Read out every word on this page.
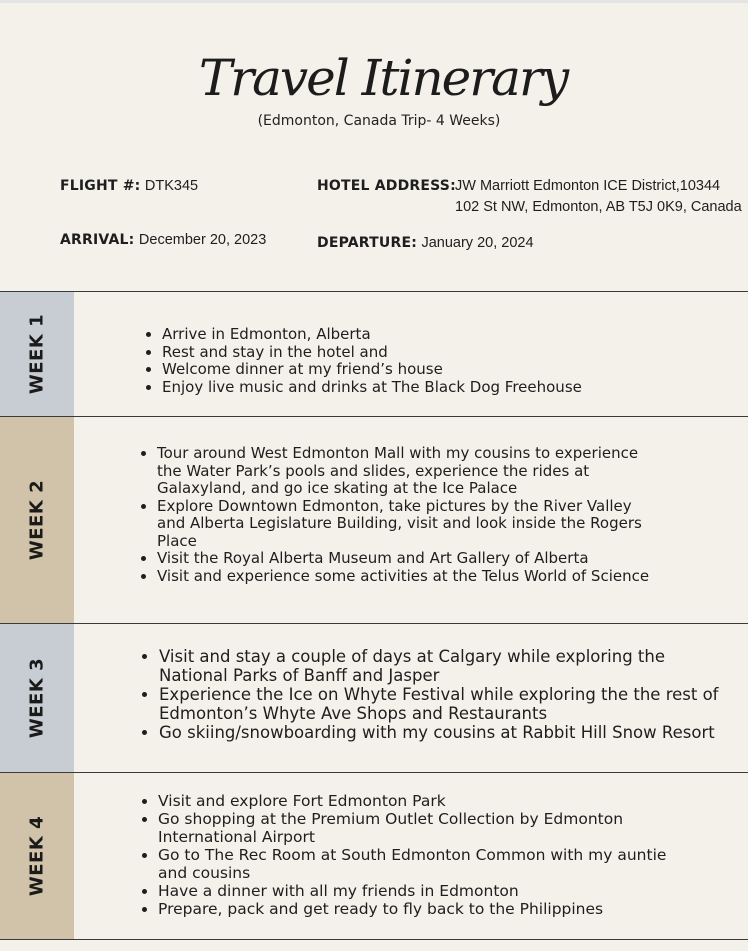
Travel Itinerary
(Edmonton, Canada Trip- 4 Weeks)
FLIGHT #: DTK345
ARRIVAL: December 20, 2023
HOTEL ADDRESS: JW Marriott Edmonton ICE District,10344 102 St NW, Edmonton, AB T5J 0K9, Canada
DEPARTURE: January 20, 2024
WEEK 1
•	Arrive in Edmonton, Alberta
• Rest and stay in the hotel and
• Welcome dinner at my friend’s house
• Enjoy live music and drinks at The Black Dog Freehouse
WEEK 2
• Tour around West Edmonton Mall with my cousins to experience the Water Park’s pools and slides, experience the rides at Galaxyland, and go ice skating at the Ice Palace
• Explore Downtown Edmonton, take pictures by the River Valley and Alberta Legislature Building, visit and look inside the Rogers Place
• Visit the Royal Alberta Museum and Art Gallery of Alberta
• Visit and experience some activities at the Telus World of Science
WEEK 3
• Visit and stay a couple of days at Calgary while exploring the National Parks of Banff and Jasper
• Experience the Ice on Whyte Festival while exploring the the rest of Edmonton’s Whyte Ave Shops and Restaurants
• Go skiing/snowboarding with my cousins at Rabbit Hill Snow Resort
WEEK 4
• Visit and explore Fort Edmonton Park
• Go shopping at the Premium Outlet Collection by Edmonton International Airport
• Go to The Rec Room at South Edmonton Common with my auntie and cousins
• Have a dinner with all my friends in Edmonton
• Prepare, pack and get ready to fly back to the Philippines
